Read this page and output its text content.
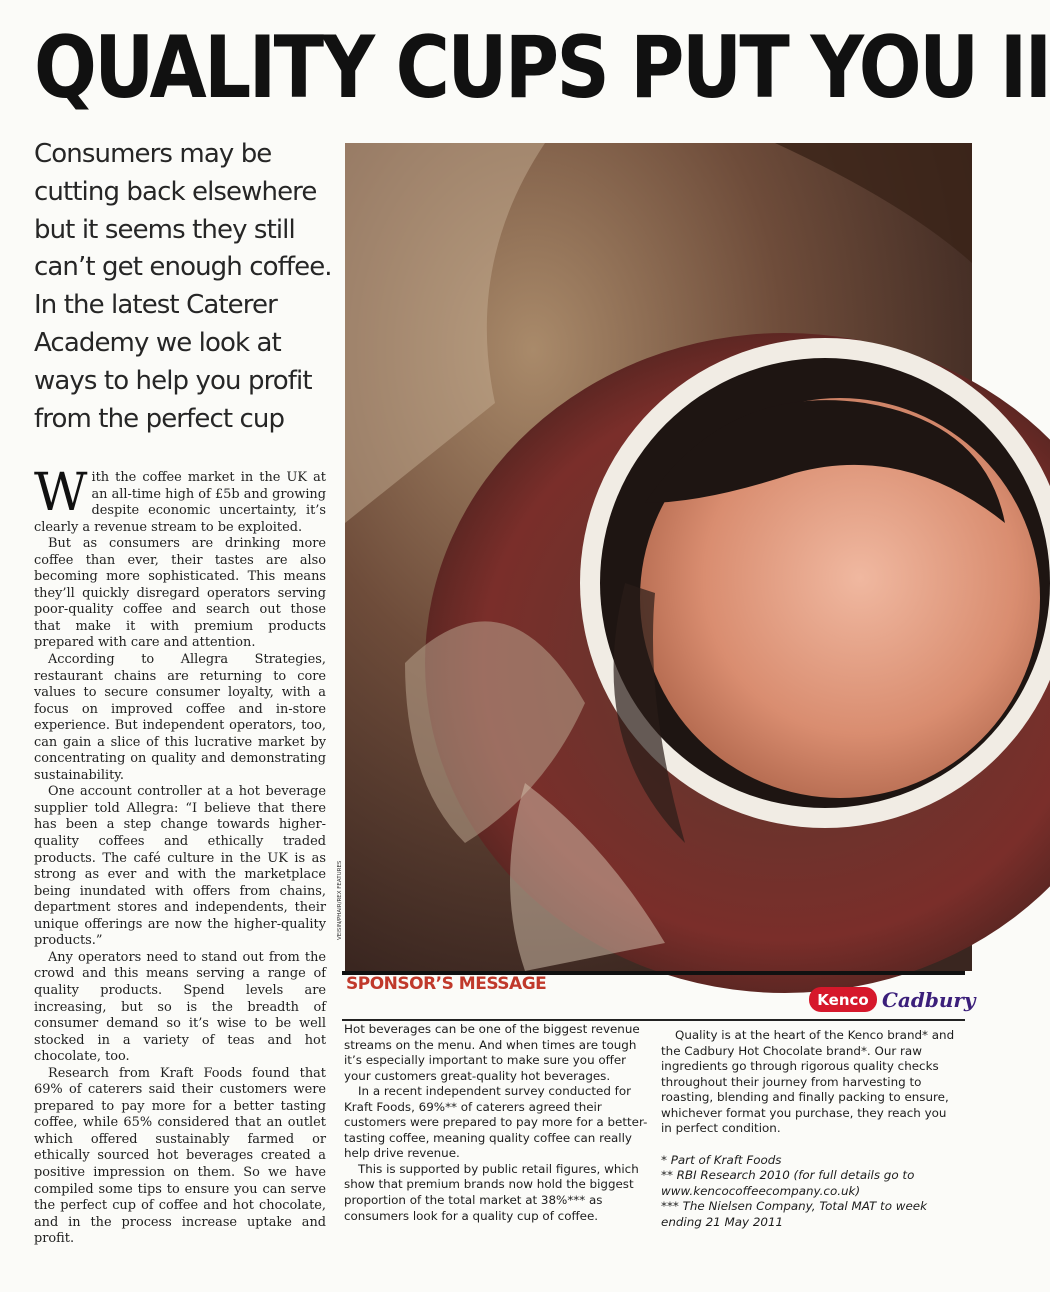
QUALITY CUPS PUT YOU II
Consumers may be cutting back elsewhere but it seems they still can’t get enough coffee. In the latest Caterer Academy we look at ways to help you profit from the perfect cup

With the coffee market in the UK at an all-time high of £5b and growing despite economic uncertainty, it’s clearly a revenue stream to be exploited.

But as consumers are drinking more coffee than ever, their tastes are also becoming more sophisticated. This means they’ll quickly disregard operators serving poor-quality coffee and search out those that make it with premium products prepared with care and attention.

According to Allegra Strategies, restaurant chains are returning to core values to secure consumer loyalty, with a focus on improved coffee and in-store experience. But independent operators, too, can gain a slice of this lucrative market by concentrating on quality and demonstrating sustainability.

One account controller at a hot beverage supplier told Allegra: “I believe that there has been a step change towards higher-quality coffees and ethically traded products. The café culture in the UK is as strong as ever and with the marketplace being inundated with offers from chains, department stores and independents, their unique offerings are now the higher-quality products.”

Any operators need to stand out from the crowd and this means serving a range of quality products. Spend levels are increasing, but so is the breadth of consumer demand so it’s wise to be well stocked in a variety of teas and hot chocolate, too.

Research from Kraft Foods found that 69% of caterers said their customers were prepared to pay more for a better tasting coffee, while 65% considered that an outlet which offered sustainably farmed or ethically sourced hot beverages created a positive impression on them. So we have compiled some tips to ensure you can serve the perfect cup of coffee and hot chocolate, and in the process increase uptake and profit.

VEISIN/PHAIR/REX FEATURES
SPONSOR’S MESSAGE
Kenco Cadbury

Hot beverages can be one of the biggest revenue streams on the menu. And when times are tough it’s especially important to make sure you offer your customers great-quality hot beverages.

In a recent independent survey conducted for Kraft Foods, 69%** of caterers agreed their customers were prepared to pay more for a better-tasting coffee, meaning quality coffee can really help drive revenue.

This is supported by public retail figures, which show that premium brands now hold the biggest proportion of the total market at 38%*** as consumers look for a quality cup of coffee.

Quality is at the heart of the Kenco brand* and the Cadbury Hot Chocolate brand*. Our raw ingredients go through rigorous quality checks throughout their journey from harvesting to roasting, blending and finally packing to ensure, whichever format you purchase, they reach you in perfect condition.

* Part of Kraft Foods
** RBI Research 2010 (for full details go to www.kencocoffeecompany.co.uk)
*** The Nielsen Company, Total MAT to week ending 21 May 2011
